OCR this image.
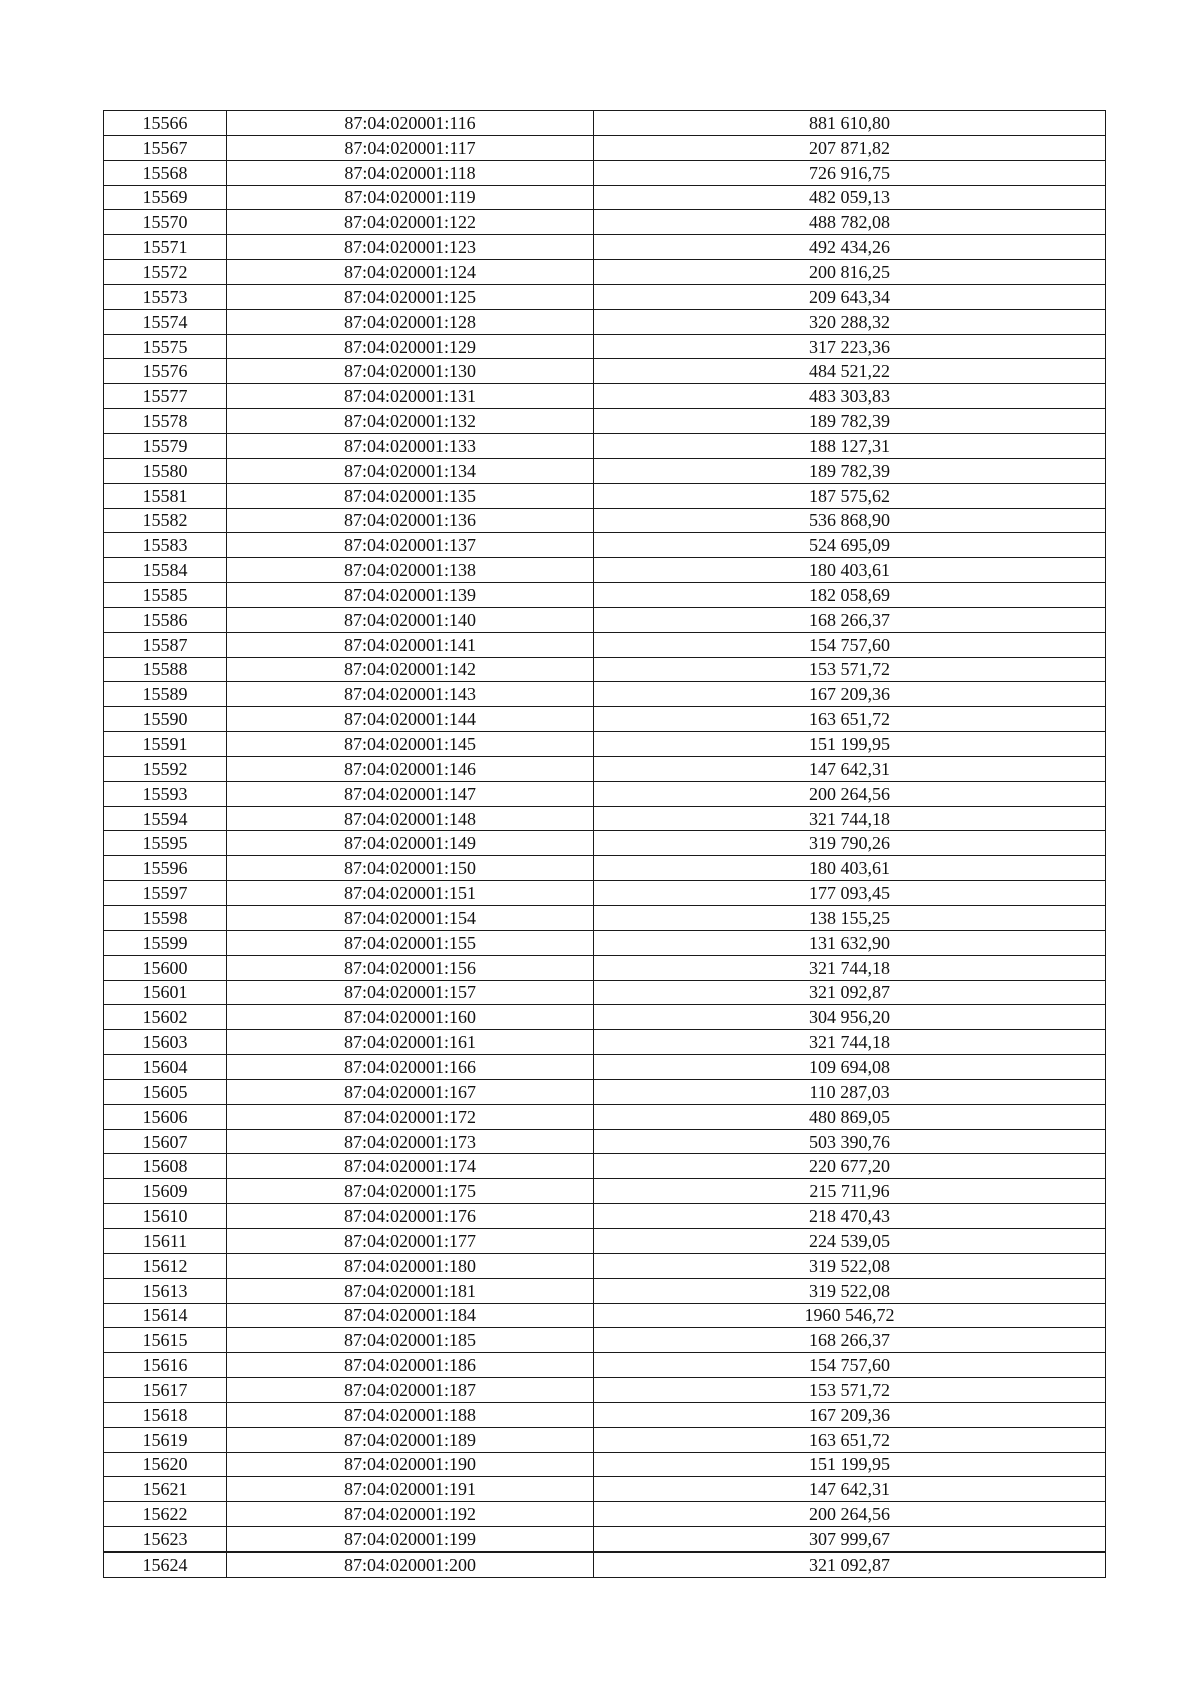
15566	87:04:020001:116	881 610,80
15567	87:04:020001:117	207 871,82
15568	87:04:020001:118	726 916,75
15569	87:04:020001:119	482 059,13
15570	87:04:020001:122	488 782,08
15571	87:04:020001:123	492 434,26
15572	87:04:020001:124	200 816,25
15573	87:04:020001:125	209 643,34
15574	87:04:020001:128	320 288,32
15575	87:04:020001:129	317 223,36
15576	87:04:020001:130	484 521,22
15577	87:04:020001:131	483 303,83
15578	87:04:020001:132	189 782,39
15579	87:04:020001:133	188 127,31
15580	87:04:020001:134	189 782,39
15581	87:04:020001:135	187 575,62
15582	87:04:020001:136	536 868,90
15583	87:04:020001:137	524 695,09
15584	87:04:020001:138	180 403,61
15585	87:04:020001:139	182 058,69
15586	87:04:020001:140	168 266,37
15587	87:04:020001:141	154 757,60
15588	87:04:020001:142	153 571,72
15589	87:04:020001:143	167 209,36
15590	87:04:020001:144	163 651,72
15591	87:04:020001:145	151 199,95
15592	87:04:020001:146	147 642,31
15593	87:04:020001:147	200 264,56
15594	87:04:020001:148	321 744,18
15595	87:04:020001:149	319 790,26
15596	87:04:020001:150	180 403,61
15597	87:04:020001:151	177 093,45
15598	87:04:020001:154	138 155,25
15599	87:04:020001:155	131 632,90
15600	87:04:020001:156	321 744,18
15601	87:04:020001:157	321 092,87
15602	87:04:020001:160	304 956,20
15603	87:04:020001:161	321 744,18
15604	87:04:020001:166	109 694,08
15605	87:04:020001:167	110 287,03
15606	87:04:020001:172	480 869,05
15607	87:04:020001:173	503 390,76
15608	87:04:020001:174	220 677,20
15609	87:04:020001:175	215 711,96
15610	87:04:020001:176	218 470,43
15611	87:04:020001:177	224 539,05
15612	87:04:020001:180	319 522,08
15613	87:04:020001:181	319 522,08
15614	87:04:020001:184	1960 546,72
15615	87:04:020001:185	168 266,37
15616	87:04:020001:186	154 757,60
15617	87:04:020001:187	153 571,72
15618	87:04:020001:188	167 209,36
15619	87:04:020001:189	163 651,72
15620	87:04:020001:190	151 199,95
15621	87:04:020001:191	147 642,31
15622	87:04:020001:192	200 264,56
15623	87:04:020001:199	307 999,67
15624	87:04:020001:200	321 092,87
